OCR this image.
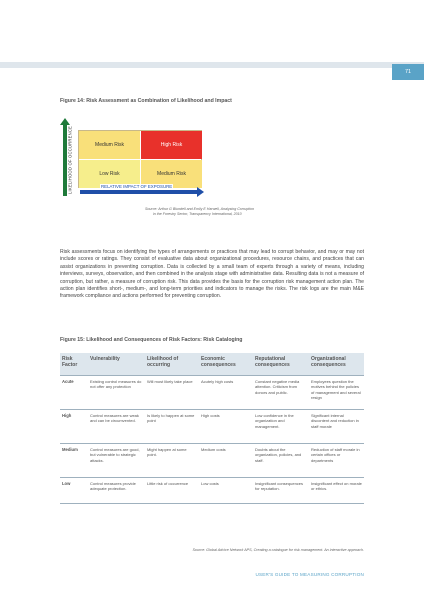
71
Figure 14: Risk Assessment as Combination of Likelihood and Impact
LIKELIHOOD OF OCCURRENCE	Medium Risk	High Risk
Low Risk	Medium Risk
RELATIVE IMPACT OF EXPOSURE
Source: Arthur G Blundell and Emily E Harwell, Analysing Corruption
in the Forestry Sector, Transparency International, 2010
Risk assessments focus on identifying the types of arrangements or practices that may lead to corrupt behavior, and may or may not include scores or ratings. They consist of evaluative data about organizational procedures, resource chains, and practices that can assist organizations in preventing corruption. Data is collected by a small team of experts through a variety of means, including interviews, surveys, observation, and then combined in the analysis stage with administrative data. Resulting data is not a measure of corruption, but rather, a measure of corruption risk. This data provides the basis for the corruption risk management action plan. The action plan identifies short-, medium-, and long-term priorities and indicators to manage the risks. The risk logs are the main M&E framework compliance and actions performed for preventing corruption.
Figure 15: Likelihood and Consequences of Risk Factors: Risk Cataloging
Risk Factor	Vulnerability	Likelihood of occurring	Economic consequences	Reputational consequences	Organizational consequences
Acute	Existing control measures do not offer any protection	Will most likely take place	Acutely high costs	Constant negative media attention. Criticism from donors and public.	Employees question the motives behind the policies of management and several resign
High	Control measures are weak and can be circumvented.	Is likely to happen at some point	High costs	Low confidence in the organization and management.	Significant internal discontent and reduction in staff morale
Medium	Control measures are good, but vulnerable to strategic attacks.	Might happen at some point.	Medium costs	Doubts about the organization, policies, and staff.	Reduction of staff morale in certain offices or departments
Low	Control measures provide adequate protection.	Little risk of occurrence	Low costs	Insignificant consequences for reputation.	Insignificant effect on morale or ethics.
Source: Global Advice Network APS, Creating a catalogue for risk management. An interactive approach.
USER'S GUIDE TO MEASURING CORRUPTION
